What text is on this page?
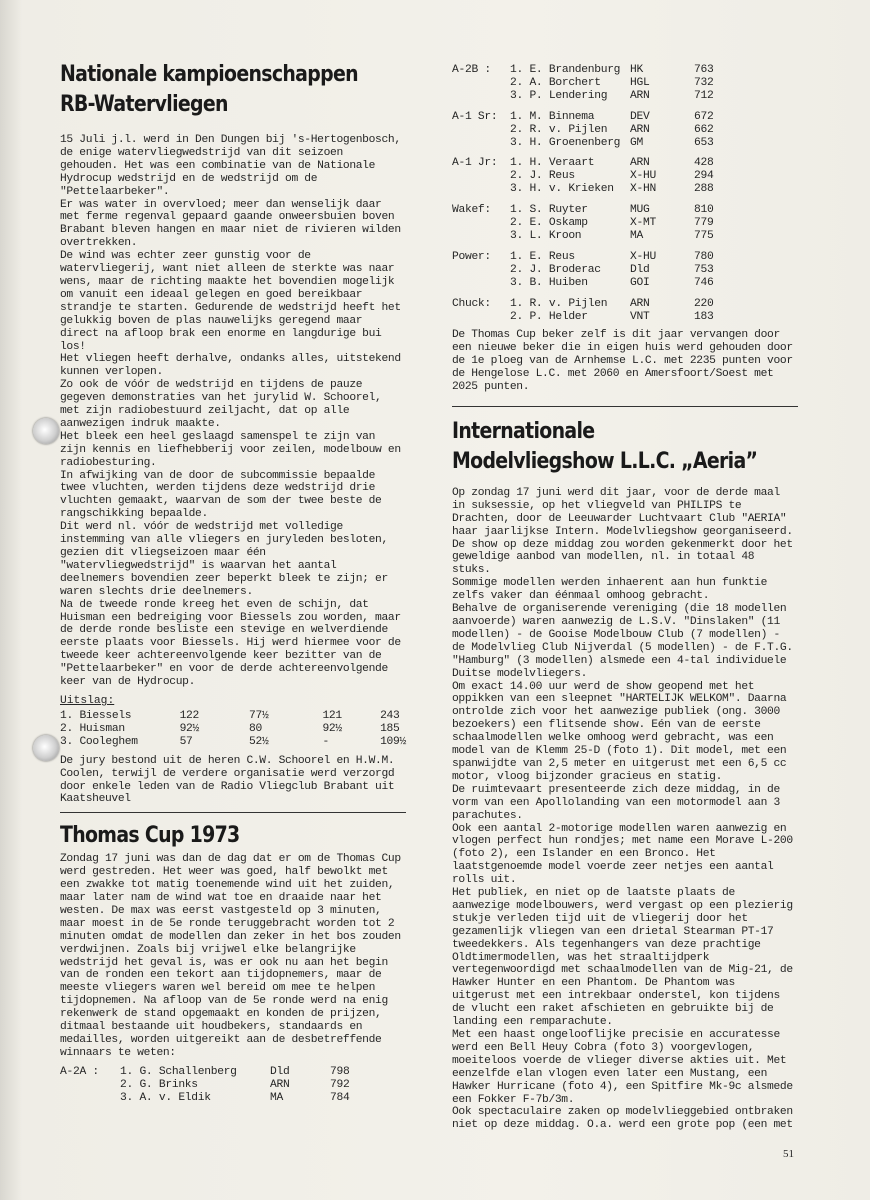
Nationale kampioenschappen
RB-Watervliegen

15 Juli j.l. werd in Den Dungen bij 's-Hertogenbosch, de enige watervliegwedstrijd van dit seizoen gehouden. Het was een combinatie van de Nationale Hydrocup wedstrijd en de wedstrijd om de "Pettelaarbeker".

Er was water in overvloed; meer dan wenselijk daar met ferme regenval gepaard gaande onweersbuien boven Brabant bleven hangen en maar niet de rivieren wilden overtrekken.

De wind was echter zeer gunstig voor de watervliegerij, want niet alleen de sterkte was naar wens, maar de richting maakte het bovendien mogelijk om vanuit een ideaal gelegen en goed bereikbaar strandje te starten. Gedurende de wedstrijd heeft het gelukkig boven de plas nauwelijks geregend maar direct na afloop brak een enorme en langdurige bui los!

Het vliegen heeft derhalve, ondanks alles, uitstekend kunnen verlopen.

Zo ook de vóór de wedstrijd en tijdens de pauze gegeven demonstraties van het jurylid W. Schoorel, met zijn radiobestuurd zeiljacht, dat op alle aanwezigen indruk maakte.

Het bleek een heel geslaagd samenspel te zijn van zijn kennis en liefhebberij voor zeilen, modelbouw en radiobesturing.

In afwijking van de door de subcommissie bepaalde twee vluchten, werden tijdens deze wedstrijd drie vluchten gemaakt, waarvan de som der twee beste de rangschikking bepaalde.

Dit werd nl. vóór de wedstrijd met volledige instemming van alle vliegers en juryleden besloten, gezien dit vliegseizoen maar één "watervliegwedstrijd" is waarvan het aantal deelnemers bovendien zeer beperkt bleek te zijn; er waren slechts drie deelnemers.

Na de tweede ronde kreeg het even de schijn, dat Huisman een bedreiging voor Biessels zou worden, maar de derde ronde besliste een stevige en welverdiende eerste plaats voor Biessels. Hij werd hiermee voor de tweede keer achtereenvolgende keer bezitter van de "Pettelaarbeker" en voor de derde achtereenvolgende keer van de Hydrocup.

Uitslag:
1. Biessels	122	77½	121	243
2. Huisman	92½	80	92½	185
3. Cooleghem	57	52½	-	109½

De jury bestond uit de heren C.W. Schoorel en H.W.M. Coolen, terwijl de verdere organisatie werd verzorgd door enkele leden van de Radio Vliegclub Brabant uit Kaatsheuvel

Thomas Cup 1973

Zondag 17 juni was dan de dag dat er om de Thomas Cup werd gestreden. Het weer was goed, half bewolkt met een zwakke tot matig toenemende wind uit het zuiden, maar later nam de wind wat toe en draaide naar het westen. De max was eerst vastgesteld op 3 minuten, maar moest in de 5e ronde teruggebracht worden tot 2 minuten omdat de modellen dan zeker in het bos zouden verdwijnen. Zoals bij vrijwel elke belangrijke wedstrijd het geval is, was er ook nu aan het begin van de ronden een tekort aan tijdopnemers, maar de meeste vliegers waren wel bereid om mee te helpen tijdopnemen. Na afloop van de 5e ronde werd na enig rekenwerk de stand opgemaakt en konden de prijzen, ditmaal bestaande uit houdbekers, standaards en medailles, worden uitgereikt aan de desbetreffende winnaars te weten:

A-2A :	1. G. Schallenberg	Dld	798
	2. G. Brinks	ARN	792
	3. A. v. Eldik	MA	784
A-2B :	1. E. Brandenburg	HK	763
	2. A. Borchert	HGL	732
	3. P. Lendering	ARN	712

A-1 Sr:	1. M. Binnema	DEV	672
	2. R. v. Pijlen	ARN	662
	3. H. Groenenberg	GM	653

A-1 Jr:	1. H. Veraart	ARN	428
	2. J. Reus	X-HU	294
	3. H. v. Krieken	X-HN	288

Wakef:	1. S. Ruyter	MUG	810
	2. E. Oskamp	X-MT	779
	3. L. Kroon	MA	775

Power:	1. E. Reus	X-HU	780
	2. J. Broderac	Dld	753
	3. B. Huiben	GOI	746

Chuck:	1. R. v. Pijlen	ARN	220
	2. P. Helder	VNT	183

De Thomas Cup beker zelf is dit jaar vervangen door een nieuwe beker die in eigen huis werd gehouden door de 1e ploeg van de Arnhemse L.C. met 2235 punten voor de Hengelose L.C. met 2060 en Amersfoort/Soest met 2025 punten.

Internationale
Modelvliegshow L.L.C. „Aeria”

Op zondag 17 juni werd dit jaar, voor de derde maal in suksessie, op het vliegveld van PHILIPS te Drachten, door de Leeuwarder Luchtvaart Club "AERIA" haar jaarlijkse Intern. Modelvliegshow georganiseerd.

De show op deze middag zou worden gekenmerkt door het geweldige aanbod van modellen, nl. in totaal 48 stuks.

Sommige modellen werden inhaerent aan hun funktie zelfs vaker dan éénmaal omhoog gebracht.

Behalve de organiserende vereniging (die 18 modellen aanvoerde) waren aanwezig de L.S.V. "Dinslaken" (11 modellen) - de Gooise Modelbouw Club (7 modellen) - de Modelvlieg Club Nijverdal (5 modellen) - de F.T.G. "Hamburg" (3 modellen) alsmede een 4-tal individuele Duitse modelvliegers.

Om exact 14.00 uur werd de show geopend met het oppikken van een sleepnet "HARTELIJK WELKOM". Daarna ontrolde zich voor het aanwezige publiek (ong. 3000 bezoekers) een flitsende show. Eén van de eerste schaalmodellen welke omhoog werd gebracht, was een model van de Klemm 25-D (foto 1). Dit model, met een spanwijdte van 2,5 meter en uitgerust met een 6,5 cc motor, vloog bijzonder gracieus en statig.

De ruimtevaart presenteerde zich deze middag, in de vorm van een Apollolanding van een motormodel aan 3 parachutes.

Ook een aantal 2-motorige modellen waren aanwezig en vlogen perfect hun rondjes; met name een Morave L-200 (foto 2), een Islander en een Bronco. Het laatstgenoemde model voerde zeer netjes een aantal rolls uit.

Het publiek, en niet op de laatste plaats de aanwezige modelbouwers, werd vergast op een plezierig stukje verleden tijd uit de vliegerij door het gezamenlijk vliegen van een drietal Stearman PT-17 tweedekkers. Als tegenhangers van deze prachtige Oldtimermodellen, was het straaltijdperk vertegenwoordigd met schaalmodellen van de Mig-21, de Hawker Hunter en een Phantom. De Phantom was uitgerust met een intrekbaar onderstel, kon tijdens de vlucht een raket afschieten en gebruikte bij de landing een remparachute.

Met een haast ongelooflijke precisie en accuratesse werd een Bell Heuy Cobra (foto 3) voorgevlogen, moeiteloos voerde de vlieger diverse akties uit. Met eenzelfde elan vlogen even later een Mustang, een Hawker Hurricane (foto 4), een Spitfire Mk-9c alsmede een Fokker F-7b/3m.

Ook spectaculaire zaken op modelvlieggebied ontbraken niet op deze middag. O.a. werd een grote pop (een met

51
